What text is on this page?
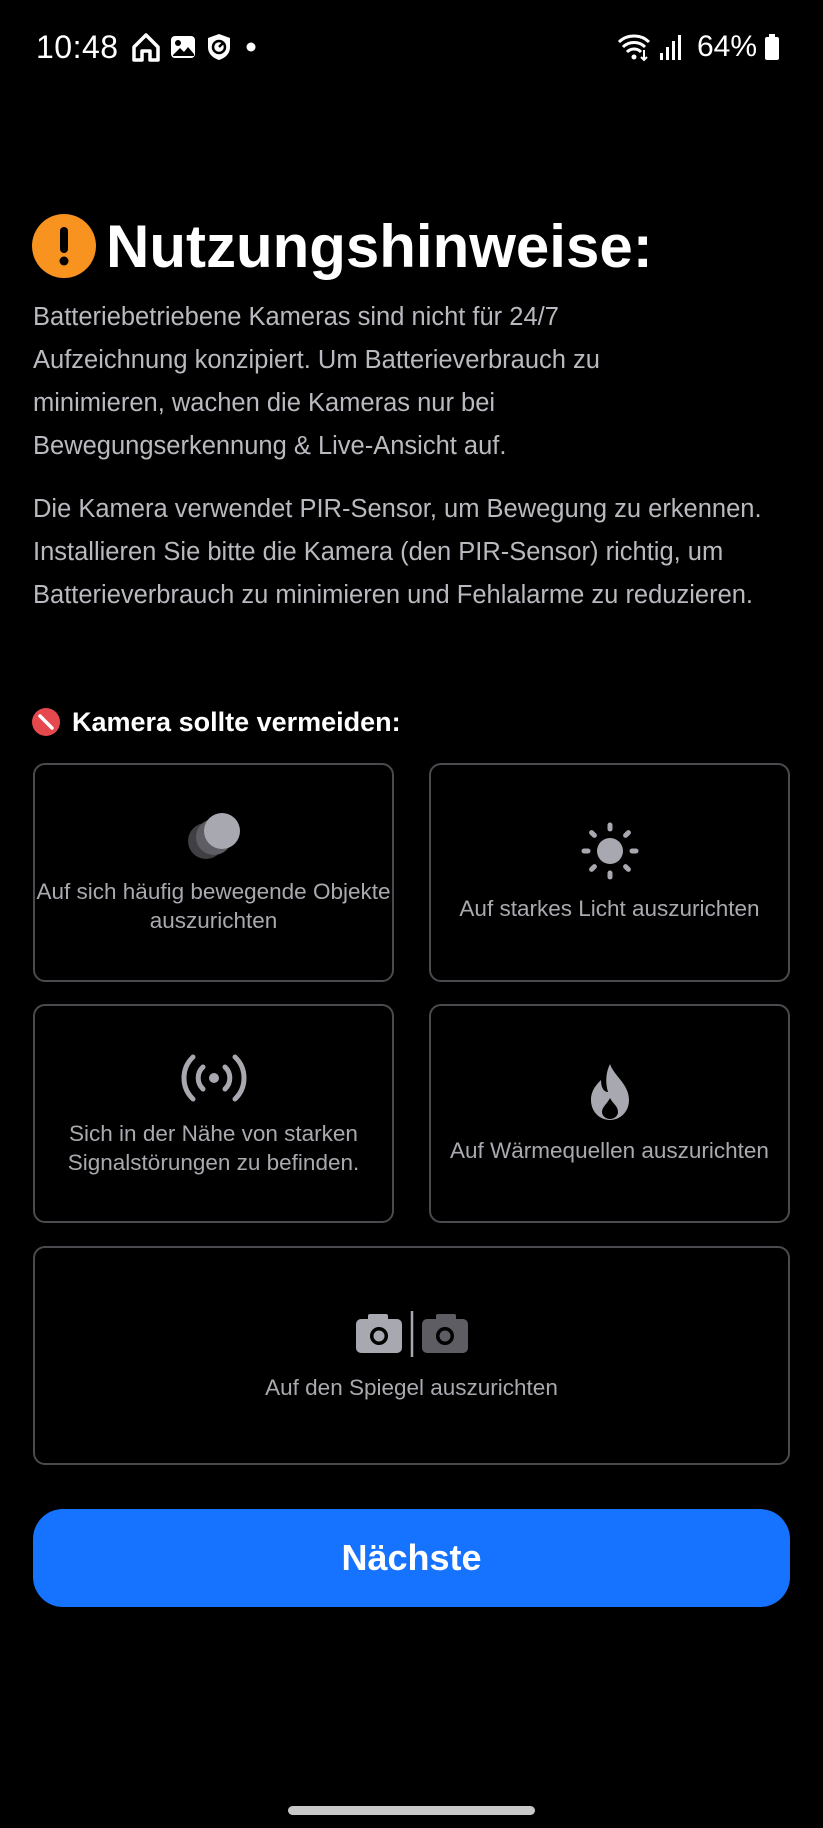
10:48	64%
Nutzungshinweise:

Batteriebetriebene Kameras sind nicht für 24/7 Aufzeichnung konzipiert. Um Batterieverbrauch zu minimieren, wachen die Kameras nur bei Bewegungserkennung & Live-Ansicht auf.

Die Kamera verwendet PIR-Sensor, um Bewegung zu erkennen. Installieren Sie bitte die Kamera (den PIR-Sensor) richtig, um Batterieverbrauch zu minimieren und Fehlalarme zu reduzieren.

Kamera sollte vermeiden:
Auf sich häufig bewegende Objekte auszurichten	Auf starkes Licht auszurichten
Sich in der Nähe von starken Signalstörungen zu befinden.	Auf Wärmequellen auszurichten
Auf den Spiegel auszurichten
Nächste
